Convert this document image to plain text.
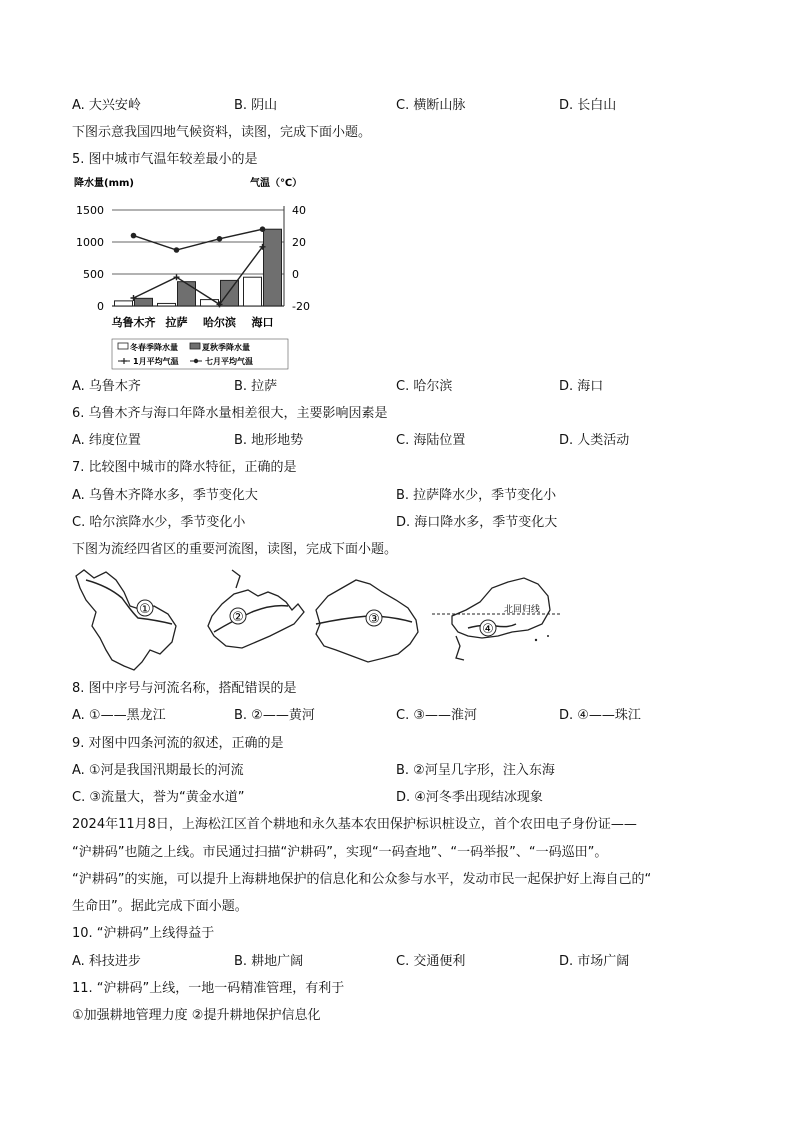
A. 大兴安岭	B. 阴山	C. 横断山脉	D. 长白山
下图示意我国四地气候资料，读图，完成下面小题。
5. 图中城市气温年较差最小的是
降水量(mm)	气温（℃）
1500
1000
500
0
40
20
0
-20
乌鲁木齐 拉萨 哈尔滨 海口
冬春季降水量	夏秋季降水量
1月平均气温	七月平均气温
A. 乌鲁木齐	B. 拉萨	C. 哈尔滨	D. 海口
6. 乌鲁木齐与海口年降水量相差很大，主要影响因素是
A. 纬度位置	B. 地形地势	C. 海陆位置	D. 人类活动
7. 比较图中城市的降水特征，正确的是
A. 乌鲁木齐降水多，季节变化大	B. 拉萨降水少，季节变化小
C. 哈尔滨降水少，季节变化小	D. 海口降水多，季节变化大
下图为流经四省区的重要河流图，读图，完成下面小题。
①
②	③
北回归线
④
8. 图中序号与河流名称，搭配错误的是
A. ①——黑龙江	B. ②——黄河	C. ③——淮河	D. ④——珠江
9. 对图中四条河流的叙述，正确的是
A. ①河是我国汛期最长的河流	B. ②河呈几字形，注入东海
C. ③流量大，誉为“黄金水道”	D. ④河冬季出现结冰现象
2024年11月8日，上海松江区首个耕地和永久基本农田保护标识桩设立，首个农田电子身份证——
“沪耕码”也随之上线。市民通过扫描“沪耕码”，实现“一码查地”、“一码举报”、“一码巡田”。
“沪耕码”的实施，可以提升上海耕地保护的信息化和公众参与水平，发动市民一起保护好上海自己的“
生命田”。据此完成下面小题。
10. “沪耕码”上线得益于
A. 科技进步	B. 耕地广阔	C. 交通便利	D. 市场广阔
11. “沪耕码”上线，一地一码精准管理，有利于
①加强耕地管理力度 ②提升耕地保护信息化
